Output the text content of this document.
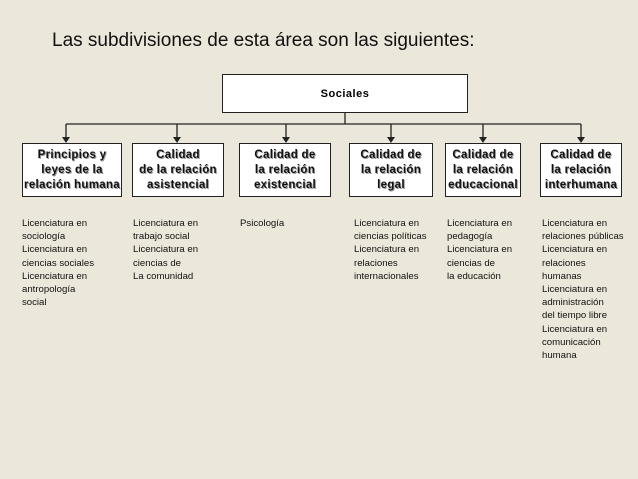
Las subdivisiones de esta área son las siguientes:
Sociales
Principios y
leyes de la
relación humana
Calidad
de la relación
asistencial
Calidad de
la relación
existencial
Calidad de
la relación
legal
Calidad de
la relación
educacional
Calidad de
la relación
interhumana
Licenciatura en
sociología
Licenciatura en
ciencias sociales
Licenciatura en
antropología
social
Licenciatura en
trabajo social
Licenciatura en
ciencias de
La comunidad
Psicología	Licenciatura en
ciencias políticas
Licenciatura en
relaciones
internacionales
Licenciatura en
pedagogía
Licenciatura en
ciencias de
la educación
Licenciatura en
relaciones públicas
Licenciatura en
relaciones
humanas
Licenciatura en
administración
del tiempo libre
Licenciatura en
comunicación
humana
